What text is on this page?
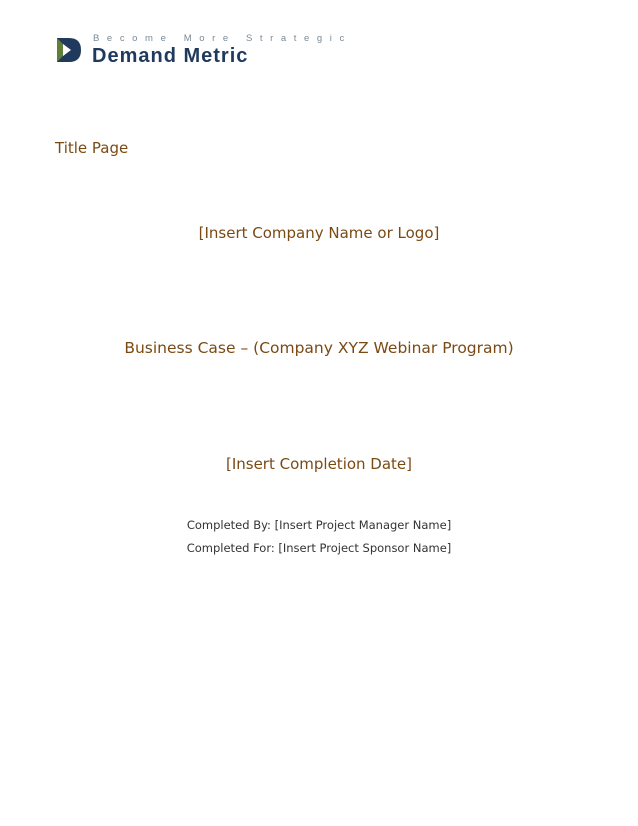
Become More Strategic
Demand Metric
Title Page
[Insert Company Name or Logo]
Business Case – (Company XYZ Webinar Program)
[Insert Completion Date]
Completed By: [Insert Project Manager Name]
Completed For: [Insert Project Sponsor Name]
